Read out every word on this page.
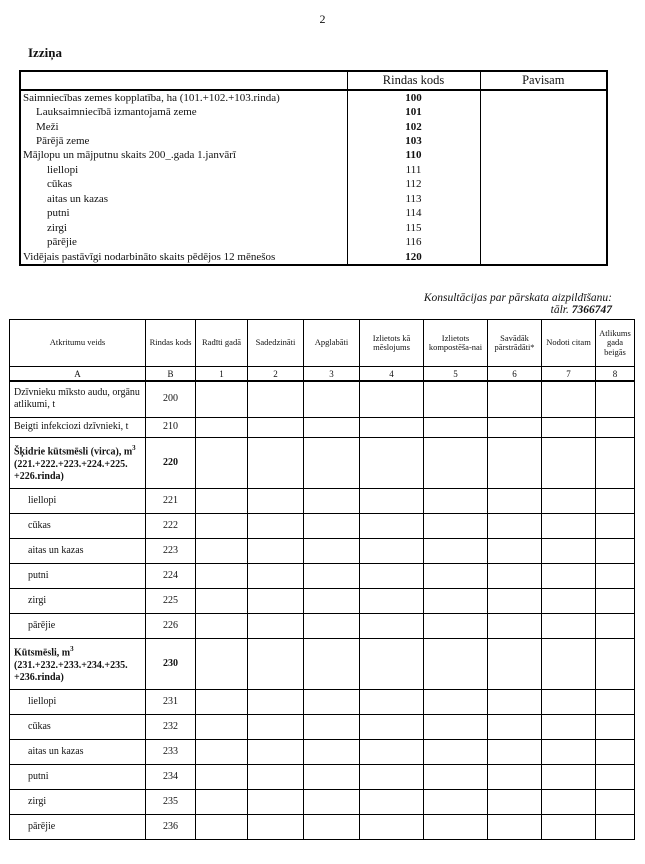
2
Izziņa
	Rindas kods	Pavisam
Saimniecības zemes kopplatība, ha (101.+102.+103.rinda)	100	
Lauksaimniecībā izmantojamā zeme	101	
Meži	102	
Pārējā zeme	103	
Mājlopu un mājputnu skaits 200_.gada 1.janvārī	110	
liellopi	111	
cūkas	112	
aitas un kazas	113	
putni	114	
zirgi	115	
pārējie	116	
Vidējais pastāvīgi nodarbināto skaits pēdējos 12 mēnešos	120	
Konsultācijas par pārskata aizpildīšanu:
tālr. 7366747
Atkritumu veids	Rindas kods	Radīti gadā	Sadedzināti	Apglabāti	Izlietots kā mēslojums	Izlietots kompostēša-nai	Savādāk pārstrādāti*	Nodoti citam	Atlikums gada beigās
A	B	1	2	3	4	5	6	7	8
Dzīvnieku mīksto audu, orgānu atlikumi, t	200								
Beigti infekciozi dzīvnieki, t	210								
Šķidrie kūtsmēsli (virca), $m^3$
(221.+222.+223.+224.+225. +226.rinda)	220								
liellopi	221								
cūkas	222								
aitas un kazas	223								
putni	224								
zirgi	225								
pārējie	226								
Kūtsmēsli, $m^3$
(231.+232.+233.+234.+235. +236.rinda)	230								
liellopi	231								
cūkas	232								
aitas un kazas	233								
putni	234								
zirgi	235								
pārējie	236								
